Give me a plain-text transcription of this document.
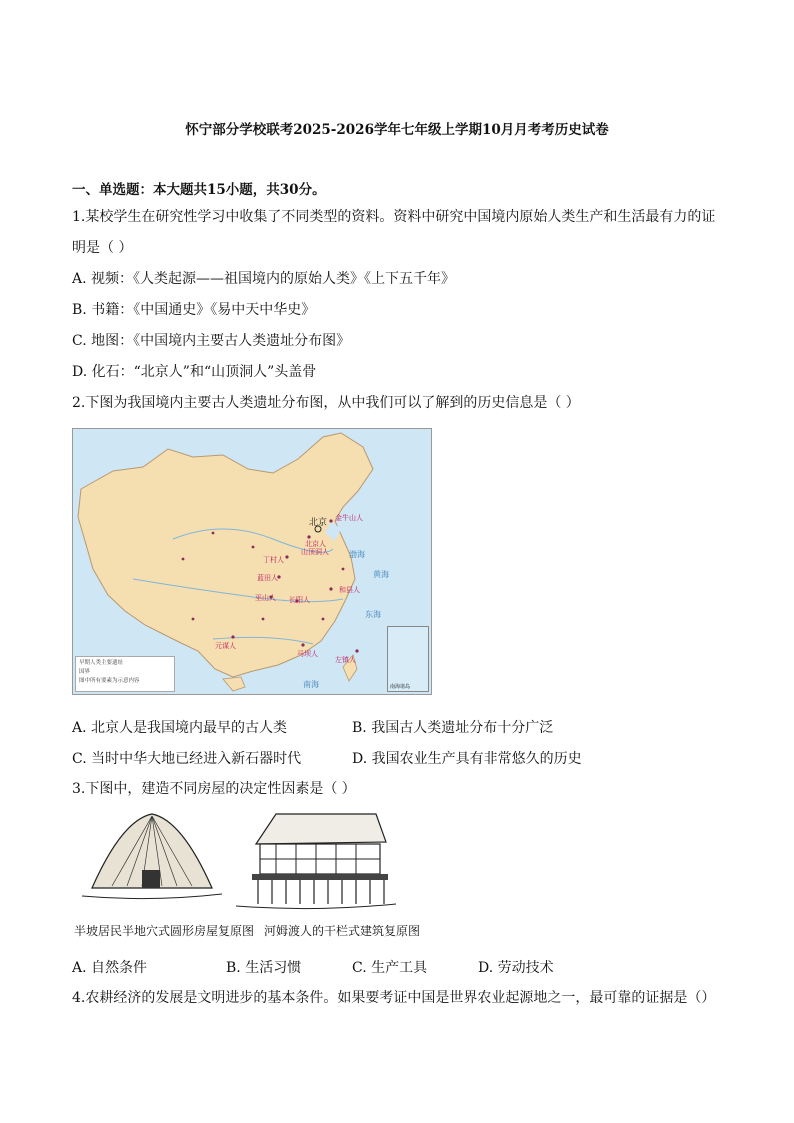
怀宁部分学校联考2025-2026学年七年级上学期10月月考考历史试卷
一、单选题：本大题共15小题，共30分。
1.某校学生在研究性学习中收集了不同类型的资料。资料中研究中国境内原始人类生产和生活最有力的证
明是（ ）
A. 视频：《人类起源——祖国境内的原始人类》《上下五千年》
B. 书籍：《中国通史》《易中天中华史》
C. 地图：《中国境内主要古人类遗址分布图》
D. 化石：“北京人”和“山顶洞人”头盖骨
2.下图为我国境内主要古人类遗址分布图，从中我们可以了解到的历史信息是（ ）
北京 金牛山人
北京人
山顶洞人
丁村人
蓝田人
巫山人 长阳人
和县人
元谋人
马坝人
左镇人
渤海
黄海
东海
南海
早期人类主要遗址
国界
图中所有要素为示意内容
南海诸岛
A. 北京人是我国境内最早的古人类	B. 我国古人类遗址分布十分广泛
C. 当时中华大地已经进入新石器时代	D. 我国农业生产具有非常悠久的历史
3.下图中，建造不同房屋的决定性因素是（ ）
半坡居民半地穴式圆形房屋复原图 河姆渡人的干栏式建筑复原图
A. 自然条件	B. 生活习惯	C. 生产工具	D. 劳动技术
4.农耕经济的发展是文明进步的基本条件。如果要考证中国是世界农业起源地之一，最可靠的证据是（）
